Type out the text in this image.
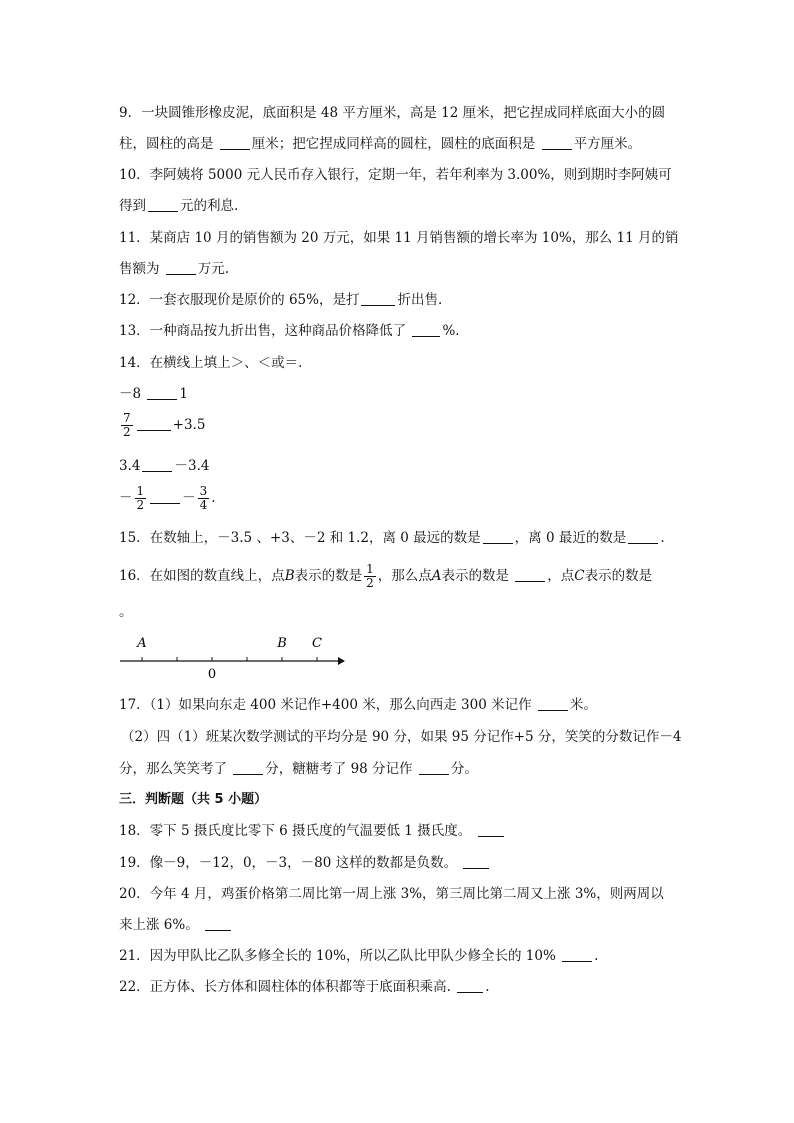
9．一块圆锥形橡皮泥，底面积是 48 平方厘米，高是 12 厘米，把它捏成同样底面大小的圆
柱，圆柱的高是	厘米；把它捏成同样高的圆柱，圆柱的底面积是	平方厘米。
10．李阿姨将 5000 元人民币存入银行，定期一年，若年利率为 3.00%，则到期时李阿姨可
得到	元的利息.
11．某商店 10 月的销售额为 20 万元，如果 11 月销售额的增长率为 10%，那么 11 月的销
售额为	万元.
12．一套衣服现价是原价的 65%，是打	折出售.
13．一种商品按九折出售，这种商品价格降低了	%．
14．在横线上填上＞、＜或＝.
－8	1
$\frac{7}{2}$	+3.5
3.4	－3.4
－ $\frac{1}{2}$	－ $\frac{3}{4}$ .
15．在数轴上，－3.5 、+3、－2 和 1.2，离 0 最远的数是	，离 0 最近的数是	.
16．在如图的数直线上，点B表示的数是 $\frac{1}{2}$ ，那么点A表示的数是	，点C表示的数是
。
A	B C
0
17．（1）如果向东走 400 米记作+400 米，那么向西走 300 米记作	米。
（2）四（1）班某次数学测试的平均分是 90 分，如果 95 分记作+5 分，笑笑的分数记作－4
分，那么笑笑考了	分，糖糖考了 98 分记作	分。
三．判断题（共 5 小题）
18．零下 5 摄氏度比零下 6 摄氏度的气温要低 1 摄氏度。
19．像－9，－12，0，－3，－80 这样的数都是负数。
20．今年 4 月，鸡蛋价格第二周比第一周上涨 3%，第三周比第二周又上涨 3%，则两周以
来上涨 6%。
21．因为甲队比乙队多修全长的 10%，所以乙队比甲队少修全长的 10%	.
22．正方体、长方体和圆柱体的体积都等于底面积乘高.	.
